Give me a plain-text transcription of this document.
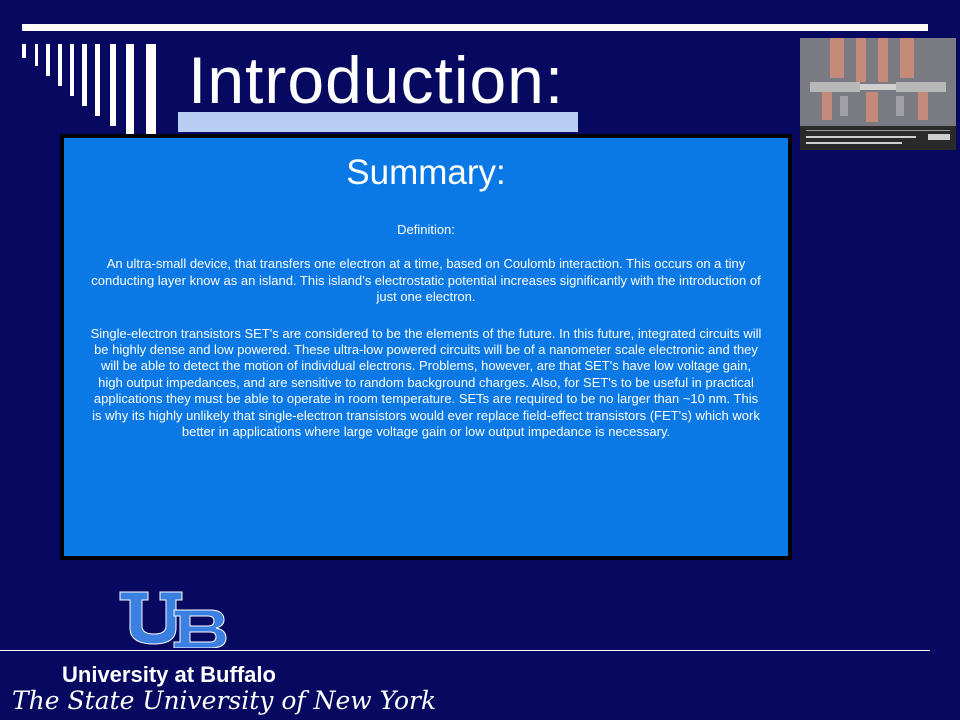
Introduction:
Summary:

Definition:

An ultra-small device, that transfers one electron at a time, based on Coulomb interaction. This occurs on a tiny conducting layer know as an island. This island’s electrostatic potential increases significantly with the introduction of just one electron.

Single-electron transistors SET's are considered to be the elements of the future. In this future, integrated circuits will be highly dense and low powered. These ultra-low powered circuits will be of a nanometer scale electronic and they will be able to detect the motion of individual electrons. Problems, however, are that SET's have low voltage gain, high output impedances, and are sensitive to random background charges. Also, for SET's to be useful in practical applications they must be able to operate in room temperature. SETs are required to be no larger than ~10 nm. This is why its highly unlikely that single-electron transistors would ever replace field-effect transistors (FET's) which work better in applications where large voltage gain or low output impedance is necessary.

University at Buffalo
The State University of New York
